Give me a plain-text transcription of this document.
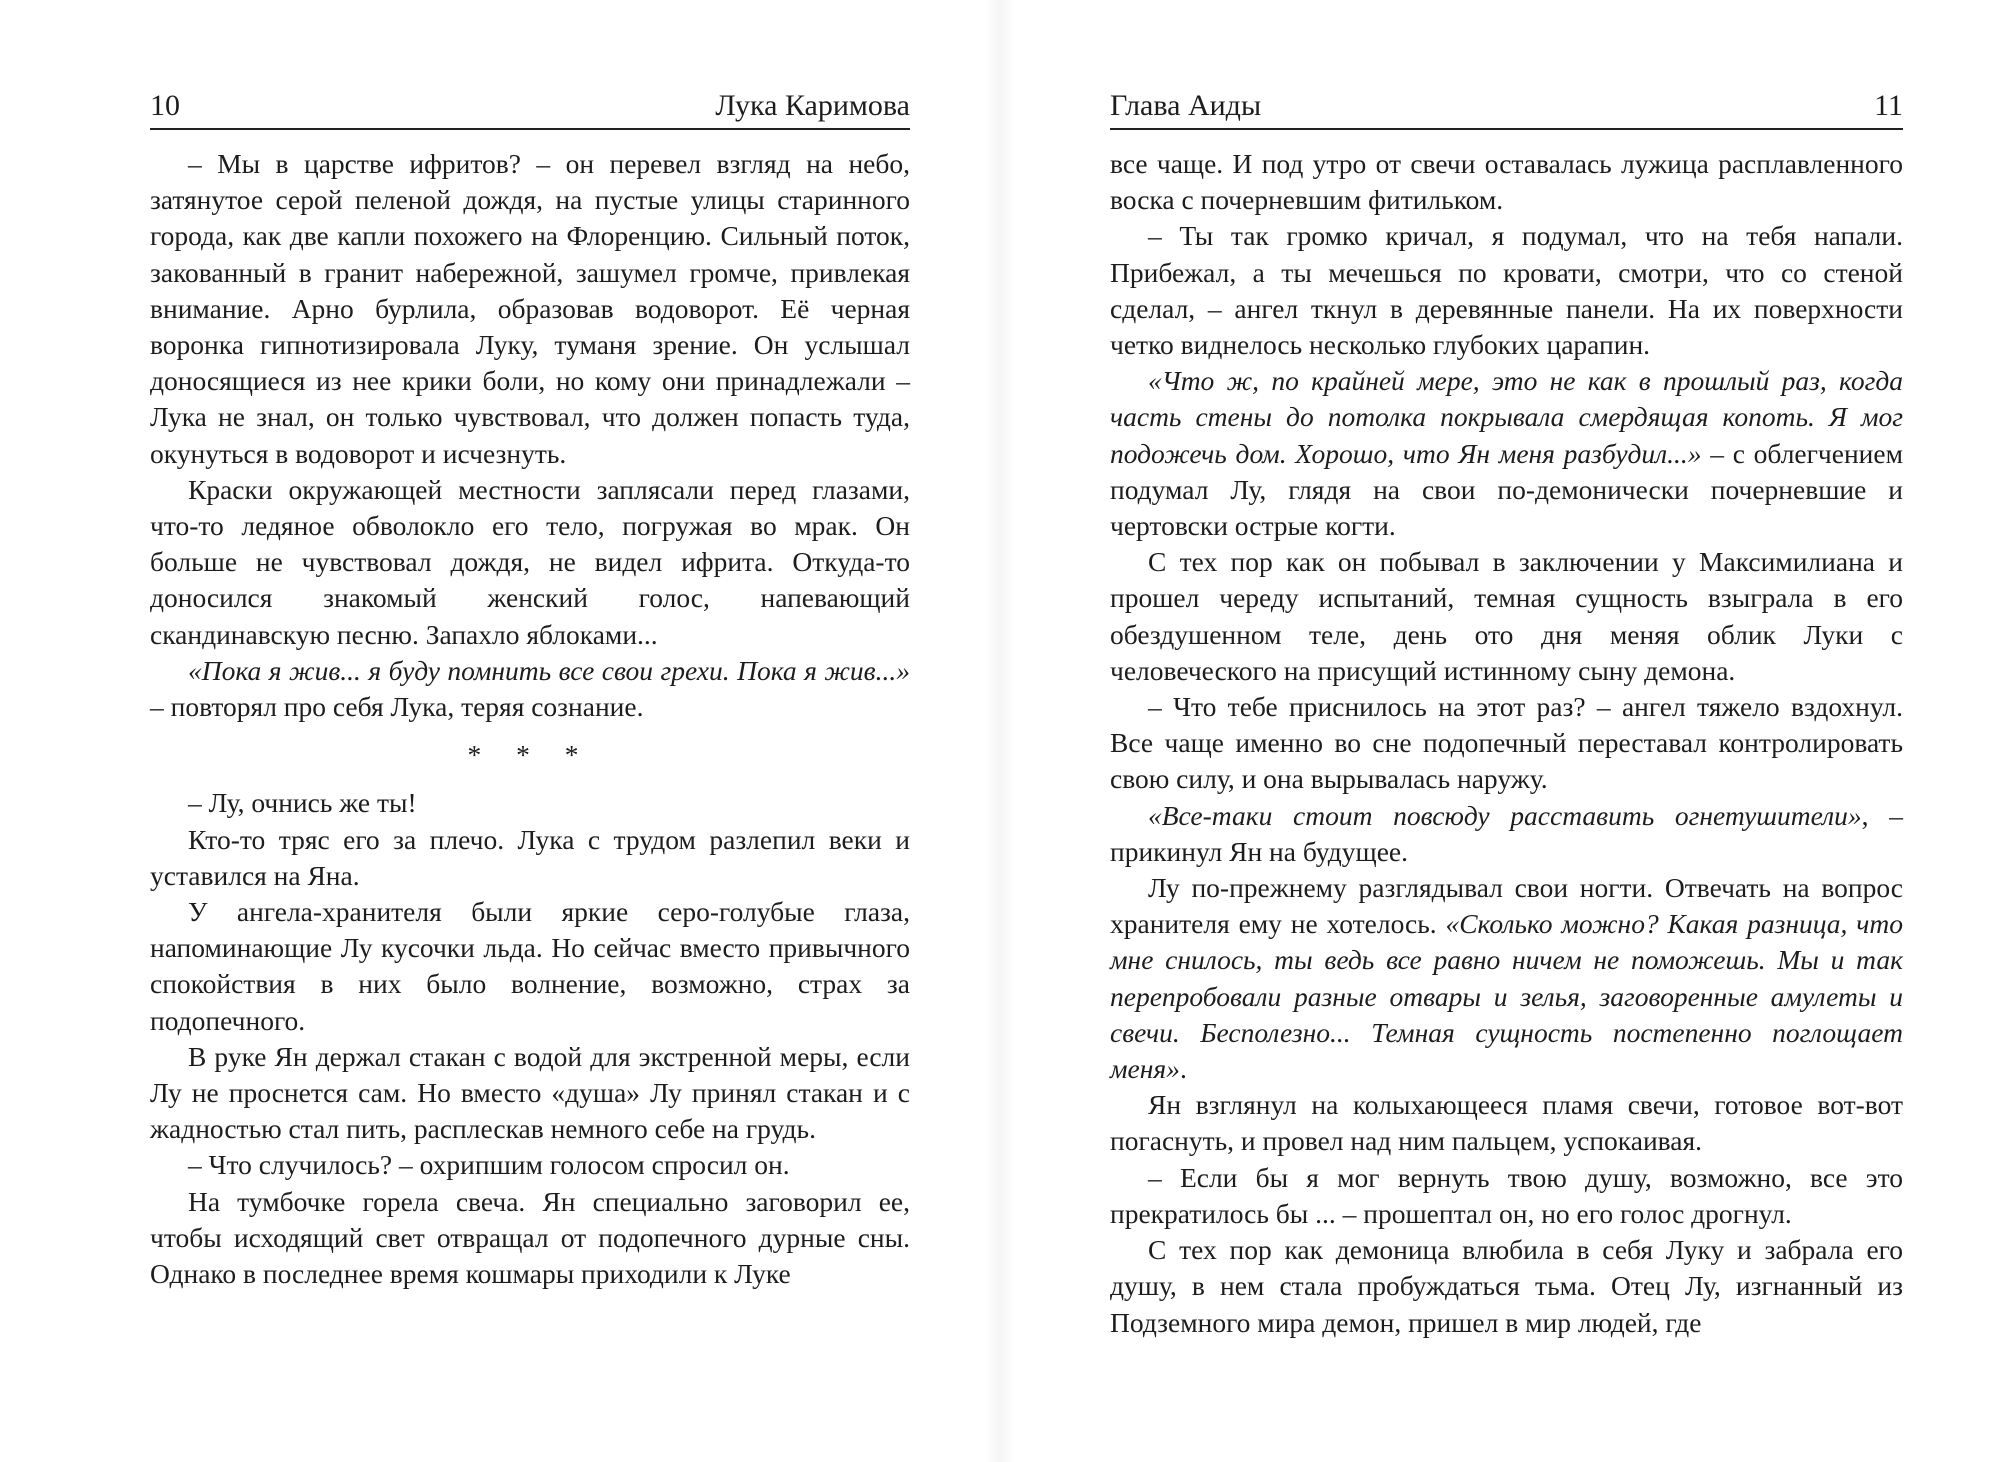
10	Лука Каримова

– Мы в царстве ифритов? – он перевел взгляд на небо, затянутое серой пеленой дождя, на пустые улицы старинного города, как две капли похожего на Флоренцию. Сильный поток, закованный в гранит набережной, зашумел громче, привлекая внимание. Арно бурлила, образовав водоворот. Её черная воронка гипнотизировала Луку, туманя зрение. Он услышал доносящиеся из нее крики боли, но кому они принадлежали – Лука не знал, он только чувствовал, что должен попасть туда, окунуться в водоворот и исчезнуть.

Краски окружающей местности заплясали перед глазами, что-то ледяное обволокло его тело, погружая во мрак. Он больше не чувствовал дождя, не видел ифрита. Откуда-то доносился знакомый женский голос, напевающий скандинавскую песню. Запахло яблоками...

«Пока я жив... я буду помнить все свои грехи. Пока я жив...» – повторял про себя Лука, теряя сознание.

* * *

– Лу, очнись же ты!

Кто-то тряс его за плечо. Лука с трудом разлепил веки и уставился на Яна.

У ангела-хранителя были яркие серо-голубые глаза, напоминающие Лу кусочки льда. Но сейчас вместо привычного спокойствия в них было волнение, возможно, страх за подопечного.

В руке Ян держал стакан с водой для экстренной меры, если Лу не проснется сам. Но вместо «душа» Лу принял стакан и с жадностью стал пить, расплескав немного себе на грудь.

– Что случилось? – охрипшим голосом спросил он.

На тумбочке горела свеча. Ян специально заговорил ее, чтобы исходящий свет отвращал от подопечного дурные сны. Однако в последнее время кошмары приходили к Луке

Глава Аиды	11

все чаще. И под утро от свечи оставалась лужица расплавленного воска с почерневшим фитильком.

– Ты так громко кричал, я подумал, что на тебя напали. Прибежал, а ты мечешься по кровати, смотри, что со стеной сделал, – ангел ткнул в деревянные панели. На их поверхности четко виднелось несколько глубоких царапин.

«Что ж, по крайней мере, это не как в прошлый раз, когда часть стены до потолка покрывала смердящая копоть. Я мог подожечь дом. Хорошо, что Ян меня разбудил...» – с облегчением подумал Лу, глядя на свои по-демонически почерневшие и чертовски острые когти.

С тех пор как он побывал в заключении у Максимилиана и прошел череду испытаний, темная сущность взыграла в его обездушенном теле, день ото дня меняя облик Луки с человеческого на присущий истинному сыну демона.

– Что тебе приснилось на этот раз? – ангел тяжело вздохнул. Все чаще именно во сне подопечный переставал контролировать свою силу, и она вырывалась наружу.

«Все-таки стоит повсюду расставить огнетушители», – прикинул Ян на будущее.

Лу по-прежнему разглядывал свои ногти. Отвечать на вопрос хранителя ему не хотелось. «Сколько можно? Какая разница, что мне снилось, ты ведь все равно ничем не поможешь. Мы и так перепробовали разные отвары и зелья, заговоренные амулеты и свечи. Бесполезно... Темная сущность постепенно поглощает меня».

Ян взглянул на колыхающееся пламя свечи, готовое вот-вот погаснуть, и провел над ним пальцем, успокаивая.

– Если бы я мог вернуть твою душу, возможно, все это прекратилось бы ... – прошептал он, но его голос дрогнул.

С тех пор как демоница влюбила в себя Луку и забрала его душу, в нем стала пробуждаться тьма. Отец Лу, изгнанный из Подземного мира демон, пришел в мир людей, где
